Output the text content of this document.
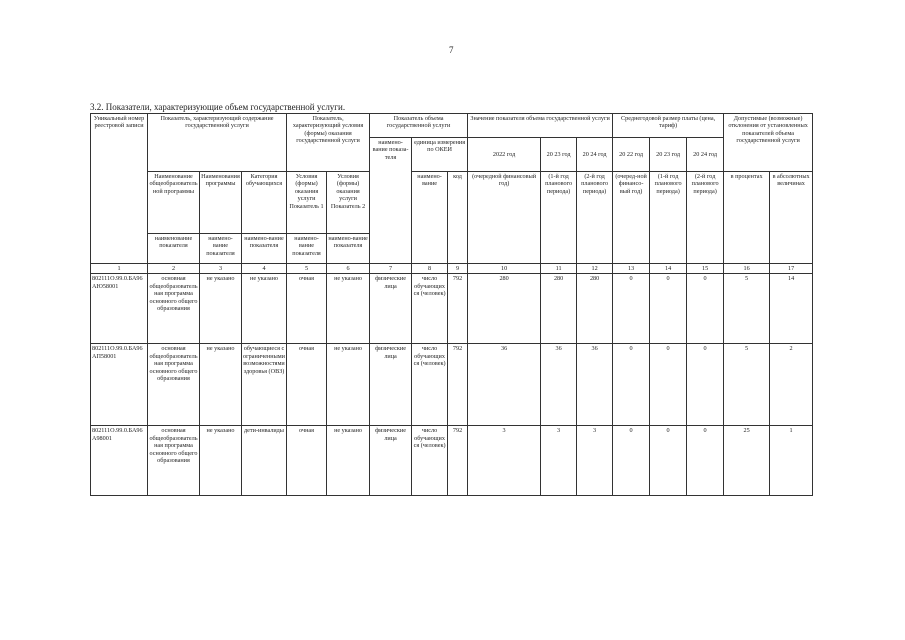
7
3.2. Показатели, характеризующие объем государственной услуги.
Уникальный номер реестровой записи	Показатель, характеризующий содержание государственной услуги			Показатель, характеризующий условия (формы) оказания государственной услуги		Показатель объема государственной услуги			Значение показателя объема государственной услуги			Среднегодовой размер платы (цена, тариф)			Допустимые (возможные) отклонения от установленных показателей объема государственной услуги	
						наимено-вание показа-теля	единица измерения по ОКЕИ		2022 год	20 23 год	20 24 год	20 22 год	20 23 год	20 24 год		
	Наименование общеобразовательной программы	Наименования программы	Категория обучающихся	Условия (формы) оказания услуги Показатель 1	Условия (формы) оказания услуги Показатель 2		наимено-вание	код	(очередной финансовый год)	(1-й год планового периода)	(2-й год планового периода)	(очеред-ной финансо-вый год)	(1-й год планового периода)	(2-й год планового периода)	в процентах	в абсолютных величинах
	наименование показателя	наимено-вание показателя	наимено-вание показателя	наимено-вание показателя	наимено-вание показателя											
1	2	3	4	5	6	7	8	9	10	11	12	13	14	15	16	17
802111О.99.0.БА96АЮ58001	основная общеобразовательная программа основного общего образования	не указано	не указано	очная	не указано	физические лица	число обучающихся (человек)	792	280	280	280	0	0	0	5	14
802111О.99.0.БА96АП58001	основная общеобразовательная программа основного общего образования	не указано	обучающиеся с ограниченными возможностями здоровья (ОВЗ)	очная	не указано	физические лица	число обучающихся (человек)	792	36	36	36	0	0	0	5	2
802111О.99.0.БА96А98001	основная общеобразовательная программа основного общего образования	не указано	дети-инвалиды	очная	не указано	физические лица	число обучающихся (человек)	792	3	3	3	0	0	0	25	1
